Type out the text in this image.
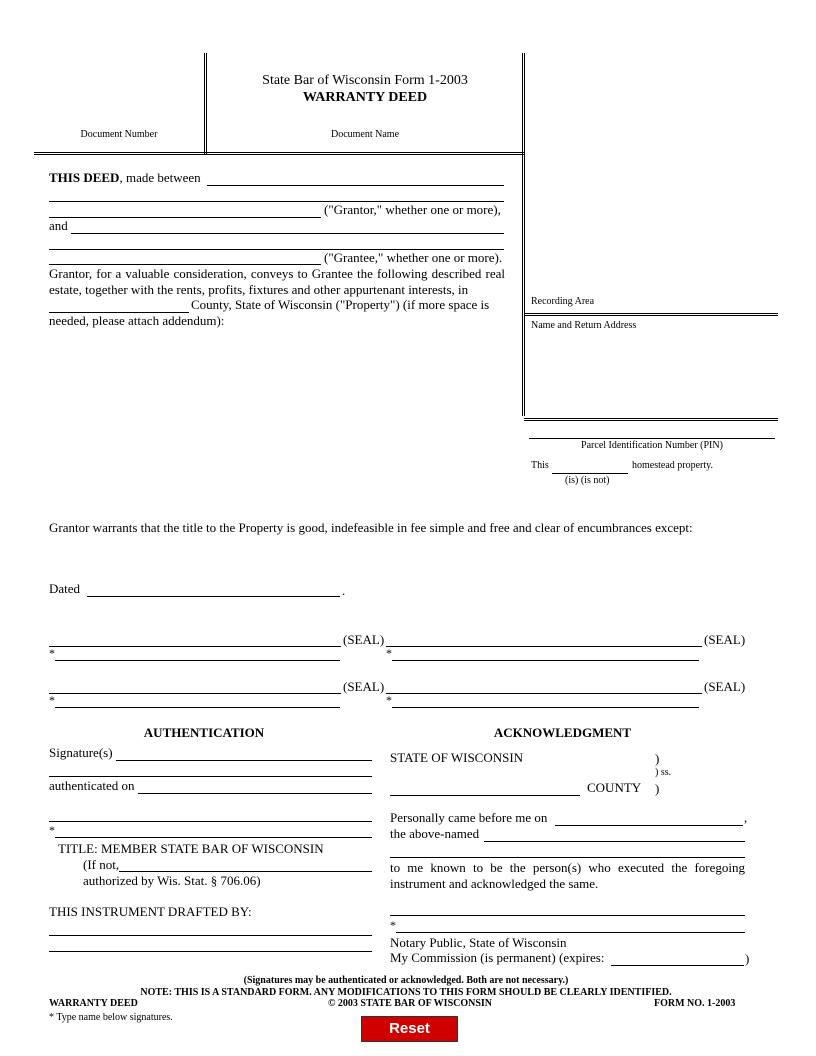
State Bar of Wisconsin Form 1-2003
WARRANTY DEED
Document Number	Document Name
THIS DEED, made between
("Grantor," whether one or more),
and
("Grantee," whether one or more).
Grantor, for a valuable consideration, conveys to Grantee the following described real estate, together with the rents, profits, fixtures and other appurtenant interests, in
County, State of Wisconsin ("Property") (if more space is
needed, please attach addendum):
Recording Area
Name and Return Address
Parcel Identification Number (PIN)
This	homestead property.
(is) (is not)
Grantor warrants that the title to the Property is good, indefeasible in fee simple and free and clear of encumbrances except:
Dated	.
(SEAL)	(SEAL)
*	*
(SEAL)	(SEAL)
*	*
AUTHENTICATION
Signature(s)
authenticated on
*
TITLE: MEMBER STATE BAR OF WISCONSIN
(If not,
authorized by Wis. Stat. § 706.06)
THIS INSTRUMENT DRAFTED BY:
ACKNOWLEDGMENT
STATE OF WISCONSIN	)
) ss.
COUNTY )
Personally came before me on	,
the above-named
to me known to be the person(s) who executed the foregoing instrument and acknowledged the same.
*
Notary Public, State of Wisconsin
My Commission (is permanent) (expires:	)
(Signatures may be authenticated or acknowledged. Both are not necessary.)
NOTE: THIS IS A STANDARD FORM. ANY MODIFICATIONS TO THIS FORM SHOULD BE CLEARLY IDENTIFIED.
WARRANTY DEED	© 2003 STATE BAR OF WISCONSIN	FORM NO. 1-2003
* Type name below signatures.
Reset
